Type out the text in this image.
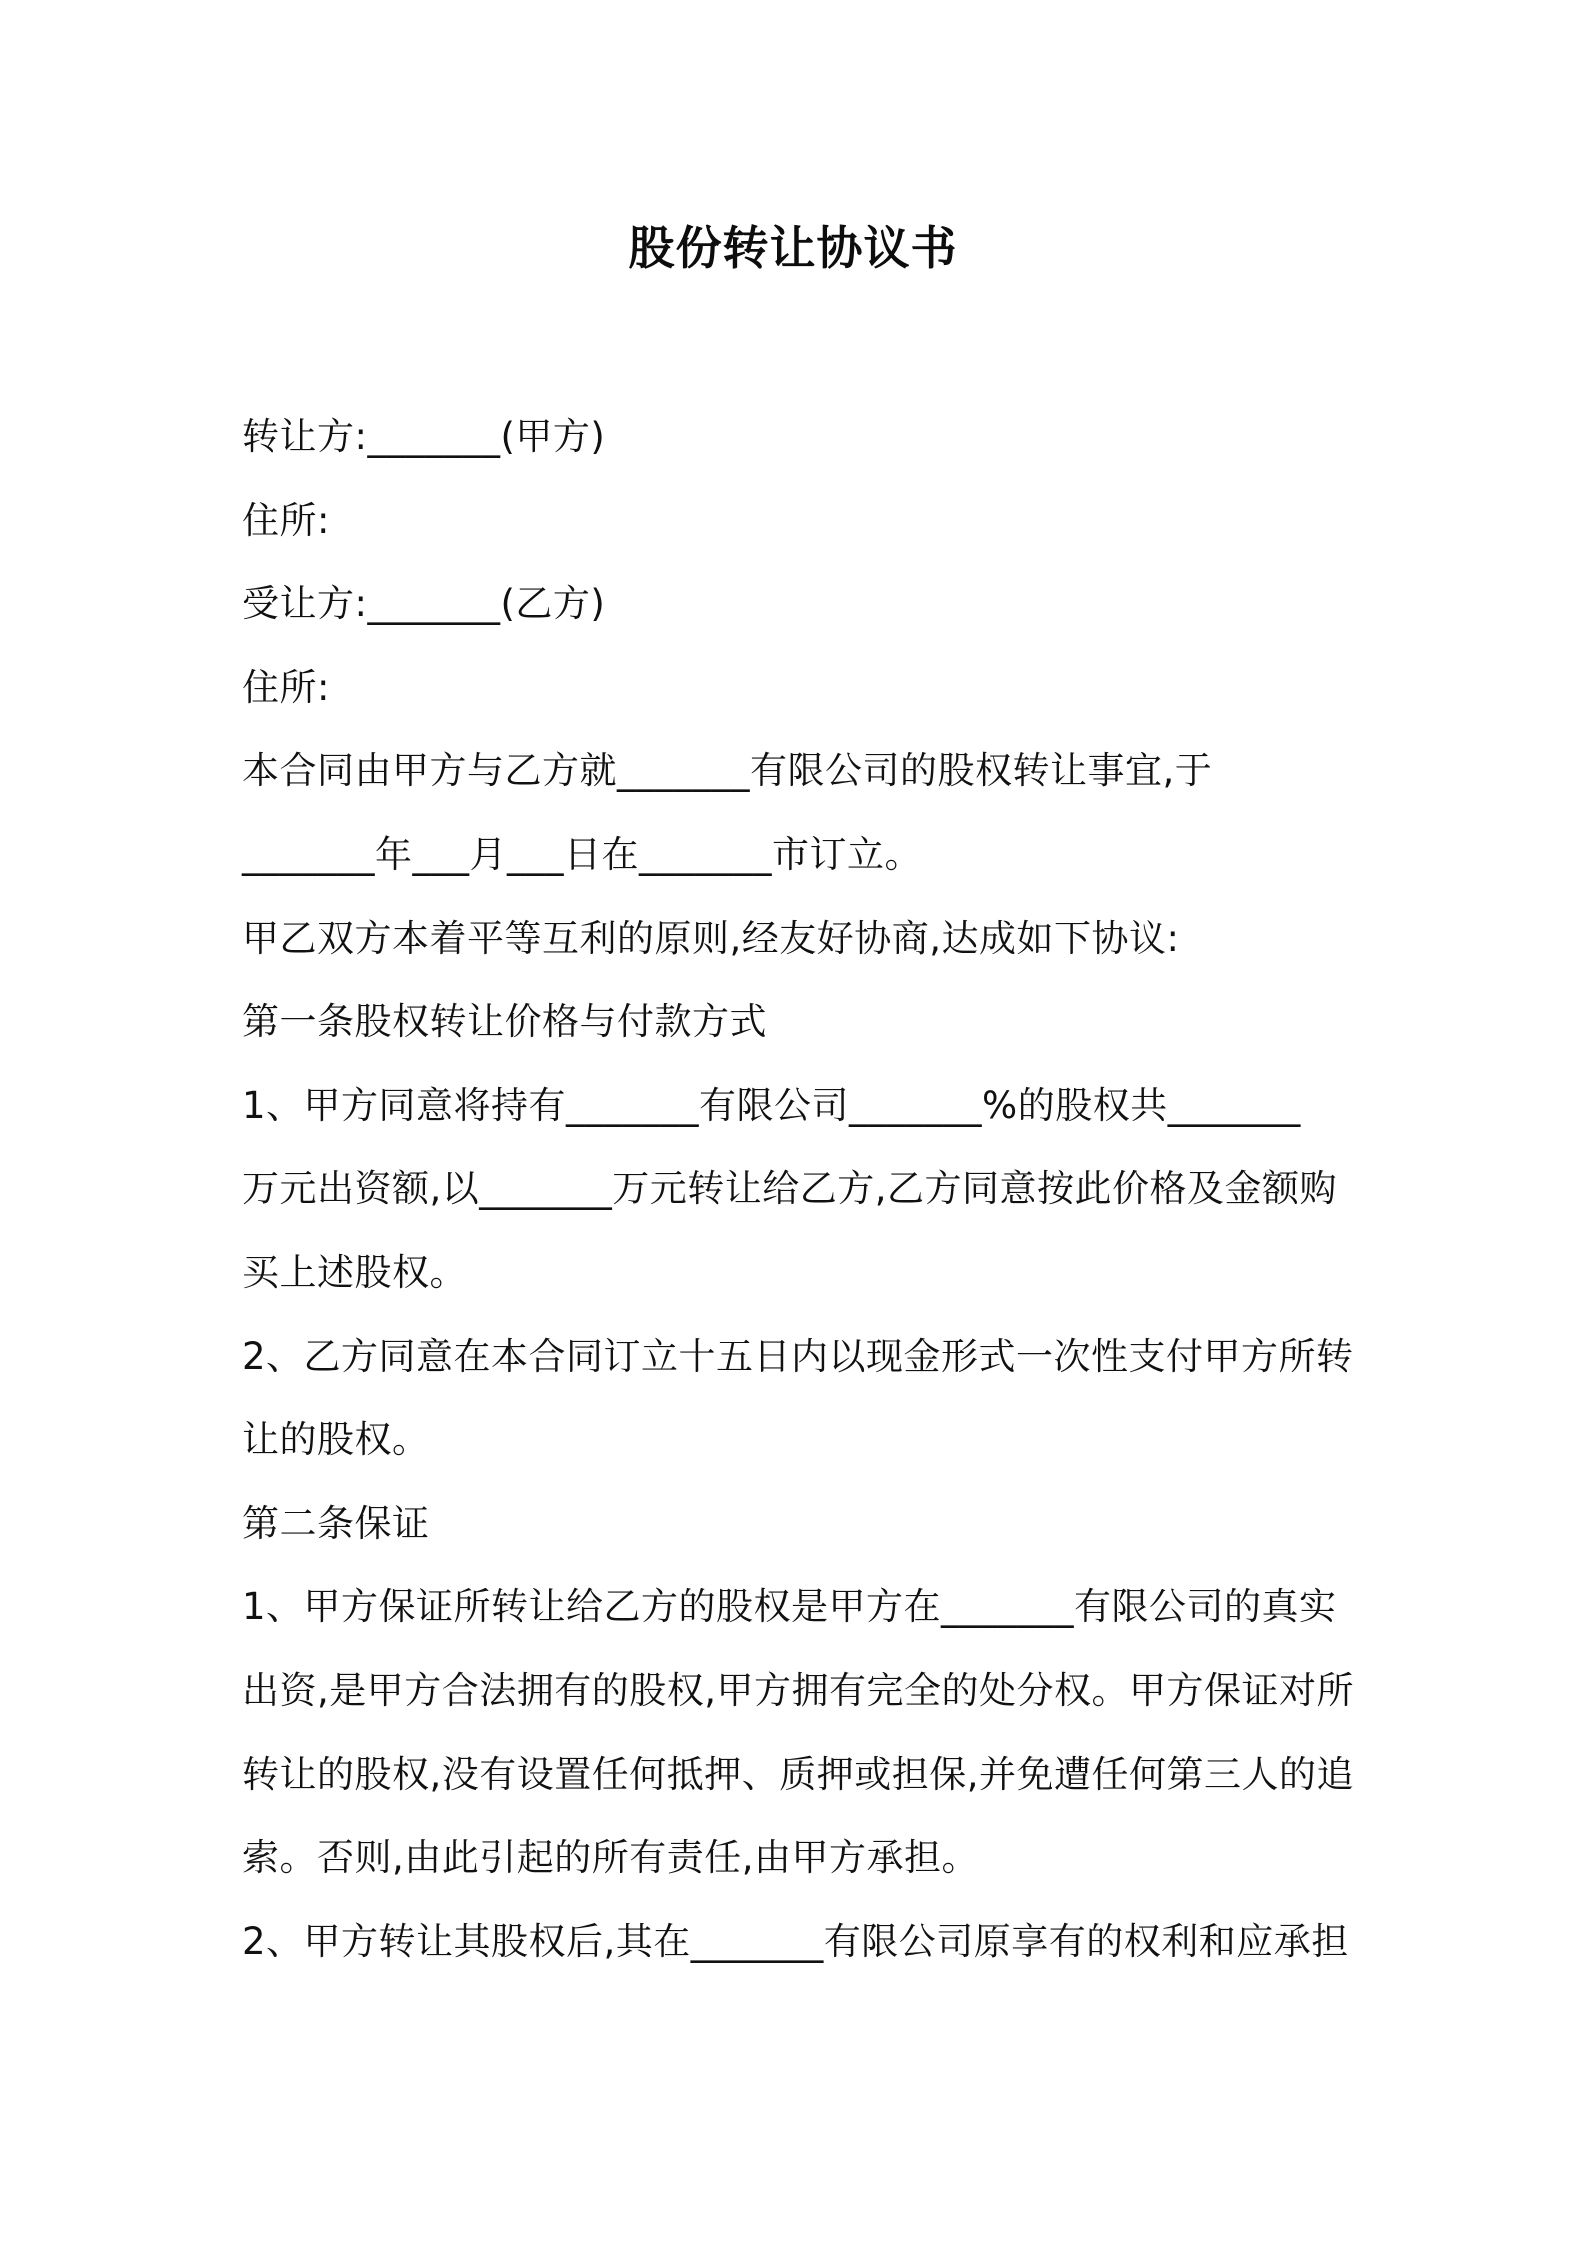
股份转让协议书
转让方:_______(甲方)
住所:
受让方:_______(乙方)
住所:
本合同由甲方与乙方就_______有限公司的股权转让事宜,于
_______年___月___日在_______市订立。
甲乙双方本着平等互利的原则,经友好协商,达成如下协议:
第一条股权转让价格与付款方式
1、甲方同意将持有_______有限公司_______%的股权共_______
万元出资额,以_______万元转让给乙方,乙方同意按此价格及金额购
买上述股权。
2、乙方同意在本合同订立十五日内以现金形式一次性支付甲方所转
让的股权。
第二条保证
1、甲方保证所转让给乙方的股权是甲方在_______有限公司的真实
出资,是甲方合法拥有的股权,甲方拥有完全的处分权。甲方保证对所
转让的股权,没有设置任何抵押、质押或担保,并免遭任何第三人的追
索。否则,由此引起的所有责任,由甲方承担。
2、甲方转让其股权后,其在_______有限公司原享有的权利和应承担
